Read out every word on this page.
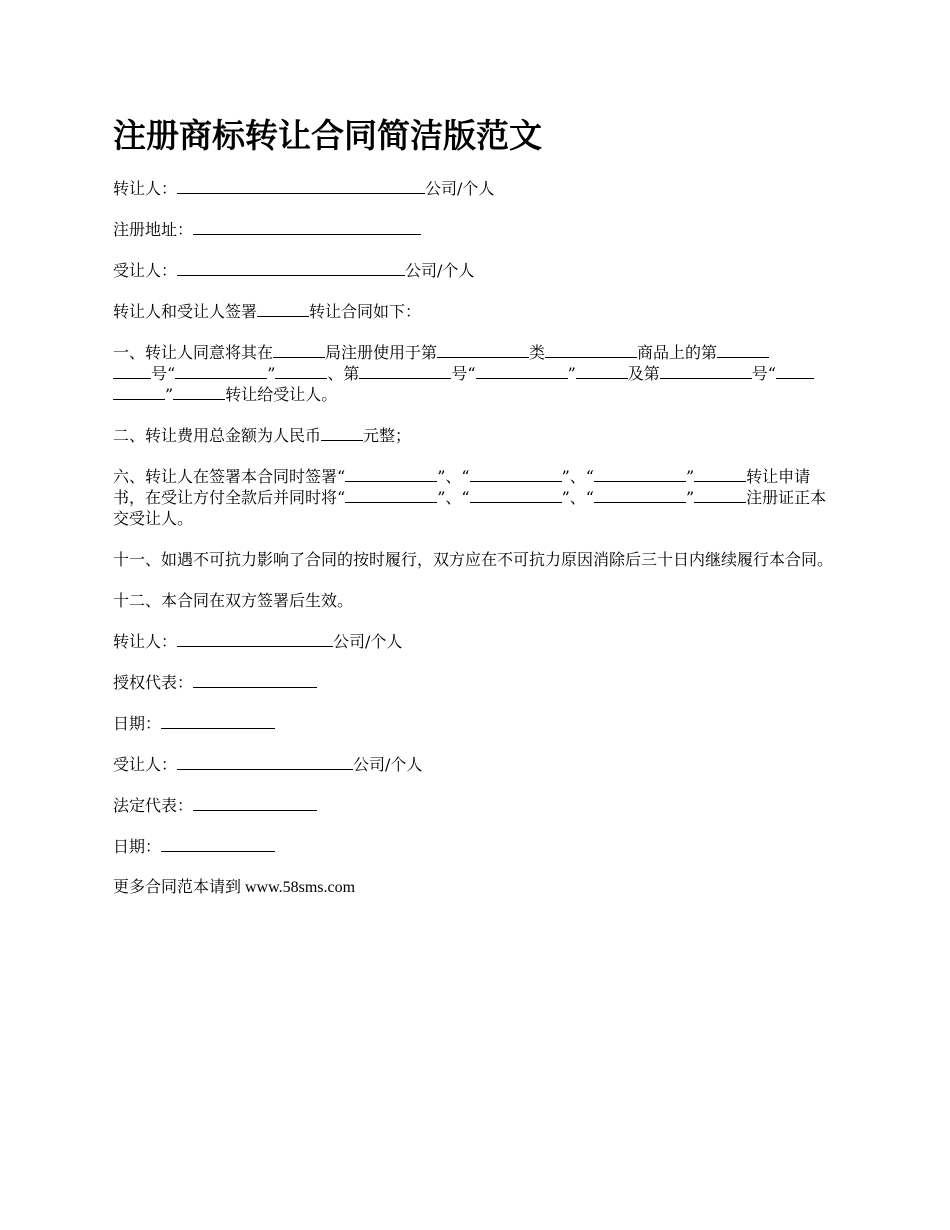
注册商标转让合同简洁版范文
转让人：	公司/个人
注册地址：
受让人：	公司/个人
转让人和受让人签署	转让合同如下：
一、转让人同意将其在	局注册使用于第	类	商品上的第
号“	”	、第	号“	”	及第	号“
”	转让给受让人。
二、转让费用总金额为人民币	元整；
六、转让人在签署本合同时签署“	”、“	”、“	”	转让申请书，在受让方付全款后并同时将“	”、“	”、“	”	注册证正本交受让人。
十一、如遇不可抗力影响了合同的按时履行，双方应在不可抗力原因消除后三十日内继续履行本合同。
十二、本合同在双方签署后生效。
转让人：	公司/个人
授权代表：
日期：
受让人：	公司/个人
法定代表：
日期：
更多合同范本请到 www.58sms.com
